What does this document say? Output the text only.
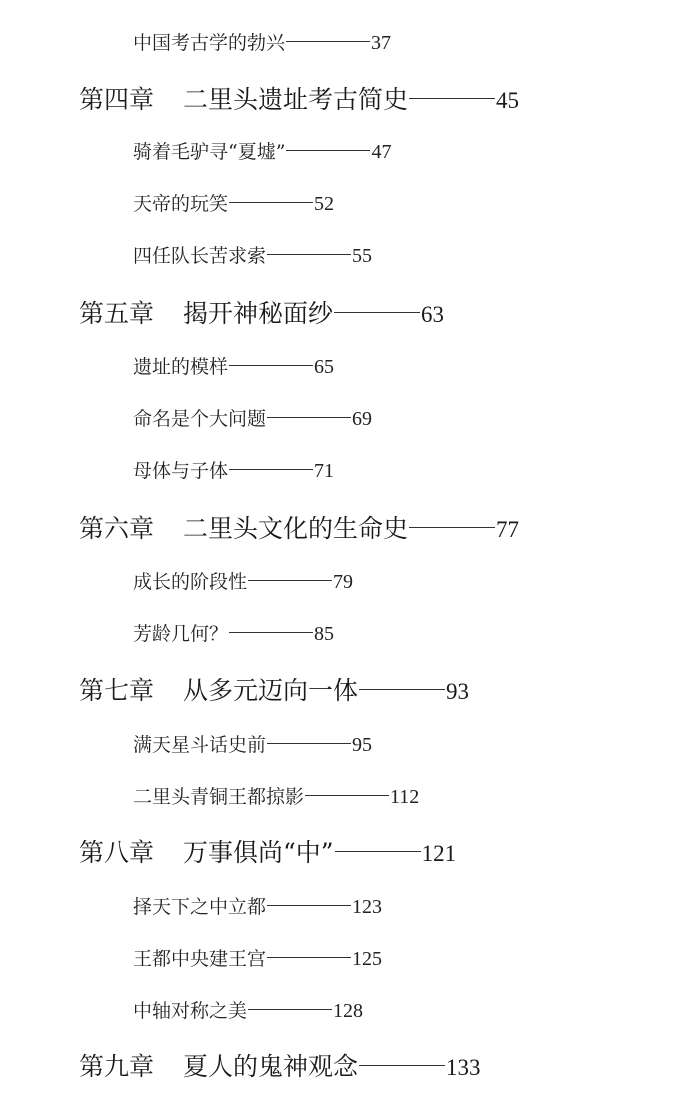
中国考古学的勃兴	37
第四章	二里头遗址考古简史	45
骑着毛驴寻“夏墟”	47
天帝的玩笑	52
四任队长苦求索	55
第五章	揭开神秘面纱	63
遗址的模样	65
命名是个大问题	69
母体与子体	71
第六章	二里头文化的生命史	77
成长的阶段性	79
芳龄几何？	85
第七章	从多元迈向一体	93
满天星斗话史前	95
二里头青铜王都掠影	112
第八章	万事俱尚“中”	121
择天下之中立都	123
王都中央建王宫	125
中轴对称之美	128
第九章	夏人的鬼神观念	133
